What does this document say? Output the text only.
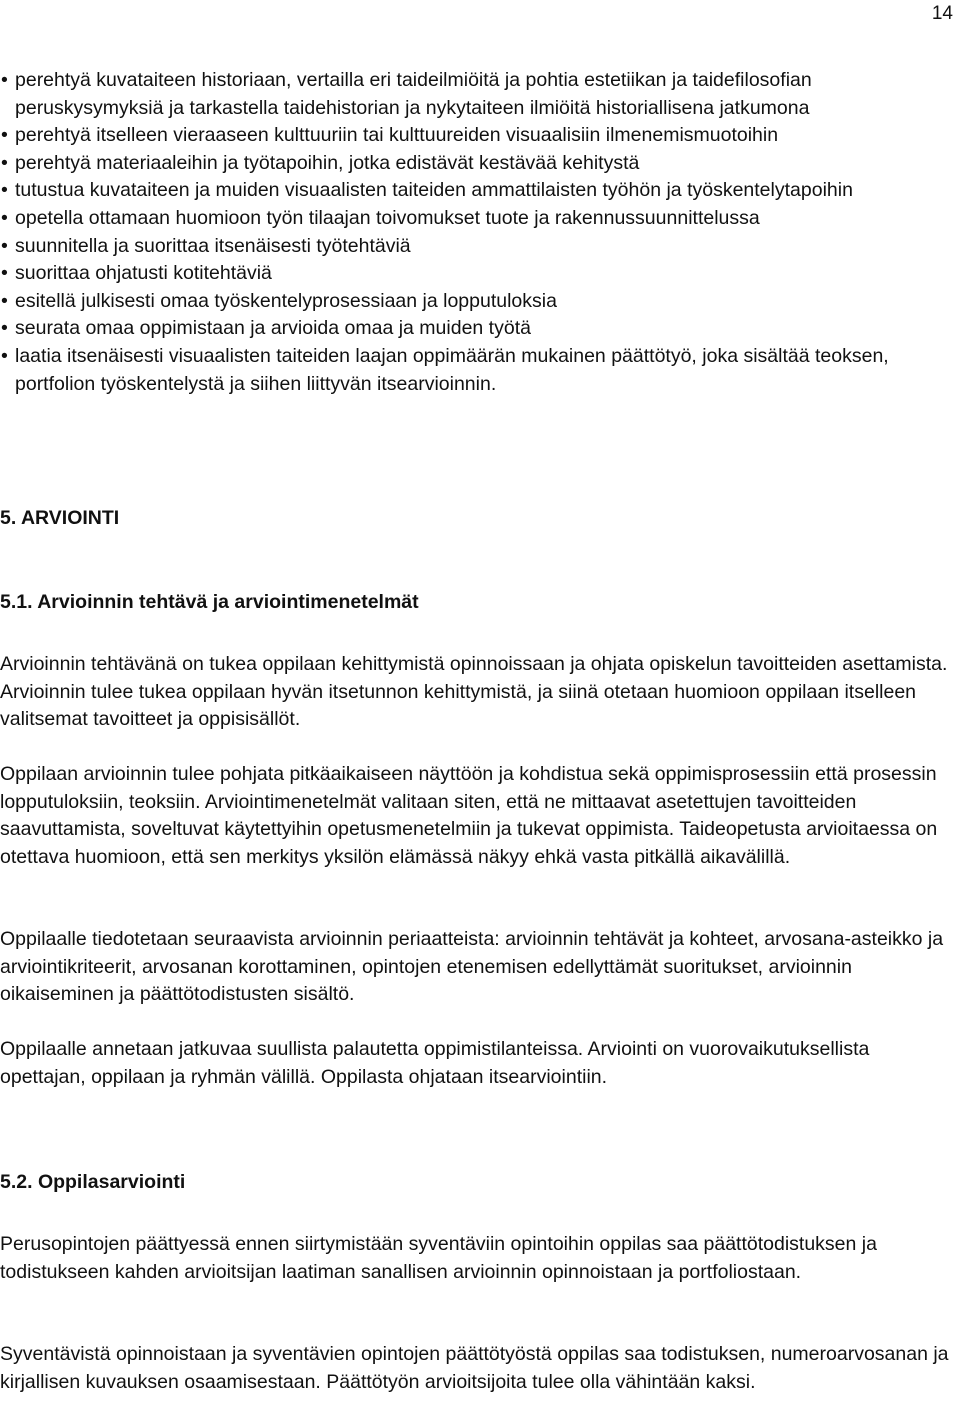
14
• perehtyä kuvataiteen historiaan, vertailla eri taideilmiöitä ja pohtia estetiikan ja taidefilosofian peruskysymyksiä ja tarkastella taidehistorian ja nykytaiteen ilmiöitä historiallisena jatkumona
• perehtyä itselleen vieraaseen kulttuuriin tai kulttuureiden visuaalisiin ilmenemismuotoihin
• perehtyä materiaaleihin ja työtapoihin, jotka edistävät kestävää kehitystä
• tutustua kuvataiteen ja muiden visuaalisten taiteiden ammattilaisten työhön ja työskentelytapoihin
• opetella ottamaan huomioon työn tilaajan toivomukset tuote ja rakennussuunnittelussa
• suunnitella ja suorittaa itsenäisesti työtehtäviä
• suorittaa ohjatusti kotitehtäviä
• esitellä julkisesti omaa työskentelyprosessiaan ja lopputuloksia
• seurata omaa oppimistaan ja arvioida omaa ja muiden työtä
• laatia itsenäisesti visuaalisten taiteiden laajan oppimäärän mukainen päättötyö, joka sisältää teoksen, portfolion työskentelystä ja siihen liittyvän itsearvioinnin.
5. ARVIOINTI
5.1. Arvioinnin tehtävä ja arviointimenetelmät

Arvioinnin tehtävänä on tukea oppilaan kehittymistä opinnoissaan ja ohjata opiskelun tavoitteiden asettamista. Arvioinnin tulee tukea oppilaan hyvän itsetunnon kehittymistä, ja siinä otetaan huomioon oppilaan itselleen valitsemat tavoitteet ja oppisisällöt.

Oppilaan arvioinnin tulee pohjata pitkäaikaiseen näyttöön ja kohdistua sekä oppimisprosessiin että prosessin lopputuloksiin, teoksiin. Arviointimenetelmät valitaan siten, että ne mittaavat asetettujen tavoitteiden saavuttamista, soveltuvat käytettyihin opetusmenetelmiin ja tukevat oppimista. Taideopetusta arvioitaessa on otettava huomioon, että sen merkitys yksilön elämässä näkyy ehkä vasta pitkällä aikavälillä.

Oppilaalle tiedotetaan seuraavista arvioinnin periaatteista: arvioinnin tehtävät ja kohteet, arvosana-asteikko ja arviointikriteerit, arvosanan korottaminen, opintojen etenemisen edellyttämät suoritukset, arvioinnin oikaiseminen ja päättötodistusten sisältö.

Oppilaalle annetaan jatkuvaa suullista palautetta oppimistilanteissa. Arviointi on vuorovaikutuksellista opettajan, oppilaan ja ryhmän välillä. Oppilasta ohjataan itsearviointiin.

5.2. Oppilasarviointi

Perusopintojen päättyessä ennen siirtymistään syventäviin opintoihin oppilas saa päättötodistuksen ja todistukseen kahden arvioitsijan laatiman sanallisen arvioinnin opinnoistaan ja portfoliostaan.

Syventävistä opinnoistaan ja syventävien opintojen päättötyöstä oppilas saa todistuksen, numeroarvosanan ja kirjallisen kuvauksen osaamisestaan. Päättötyön arvioitsijoita tulee olla vähintään kaksi.
